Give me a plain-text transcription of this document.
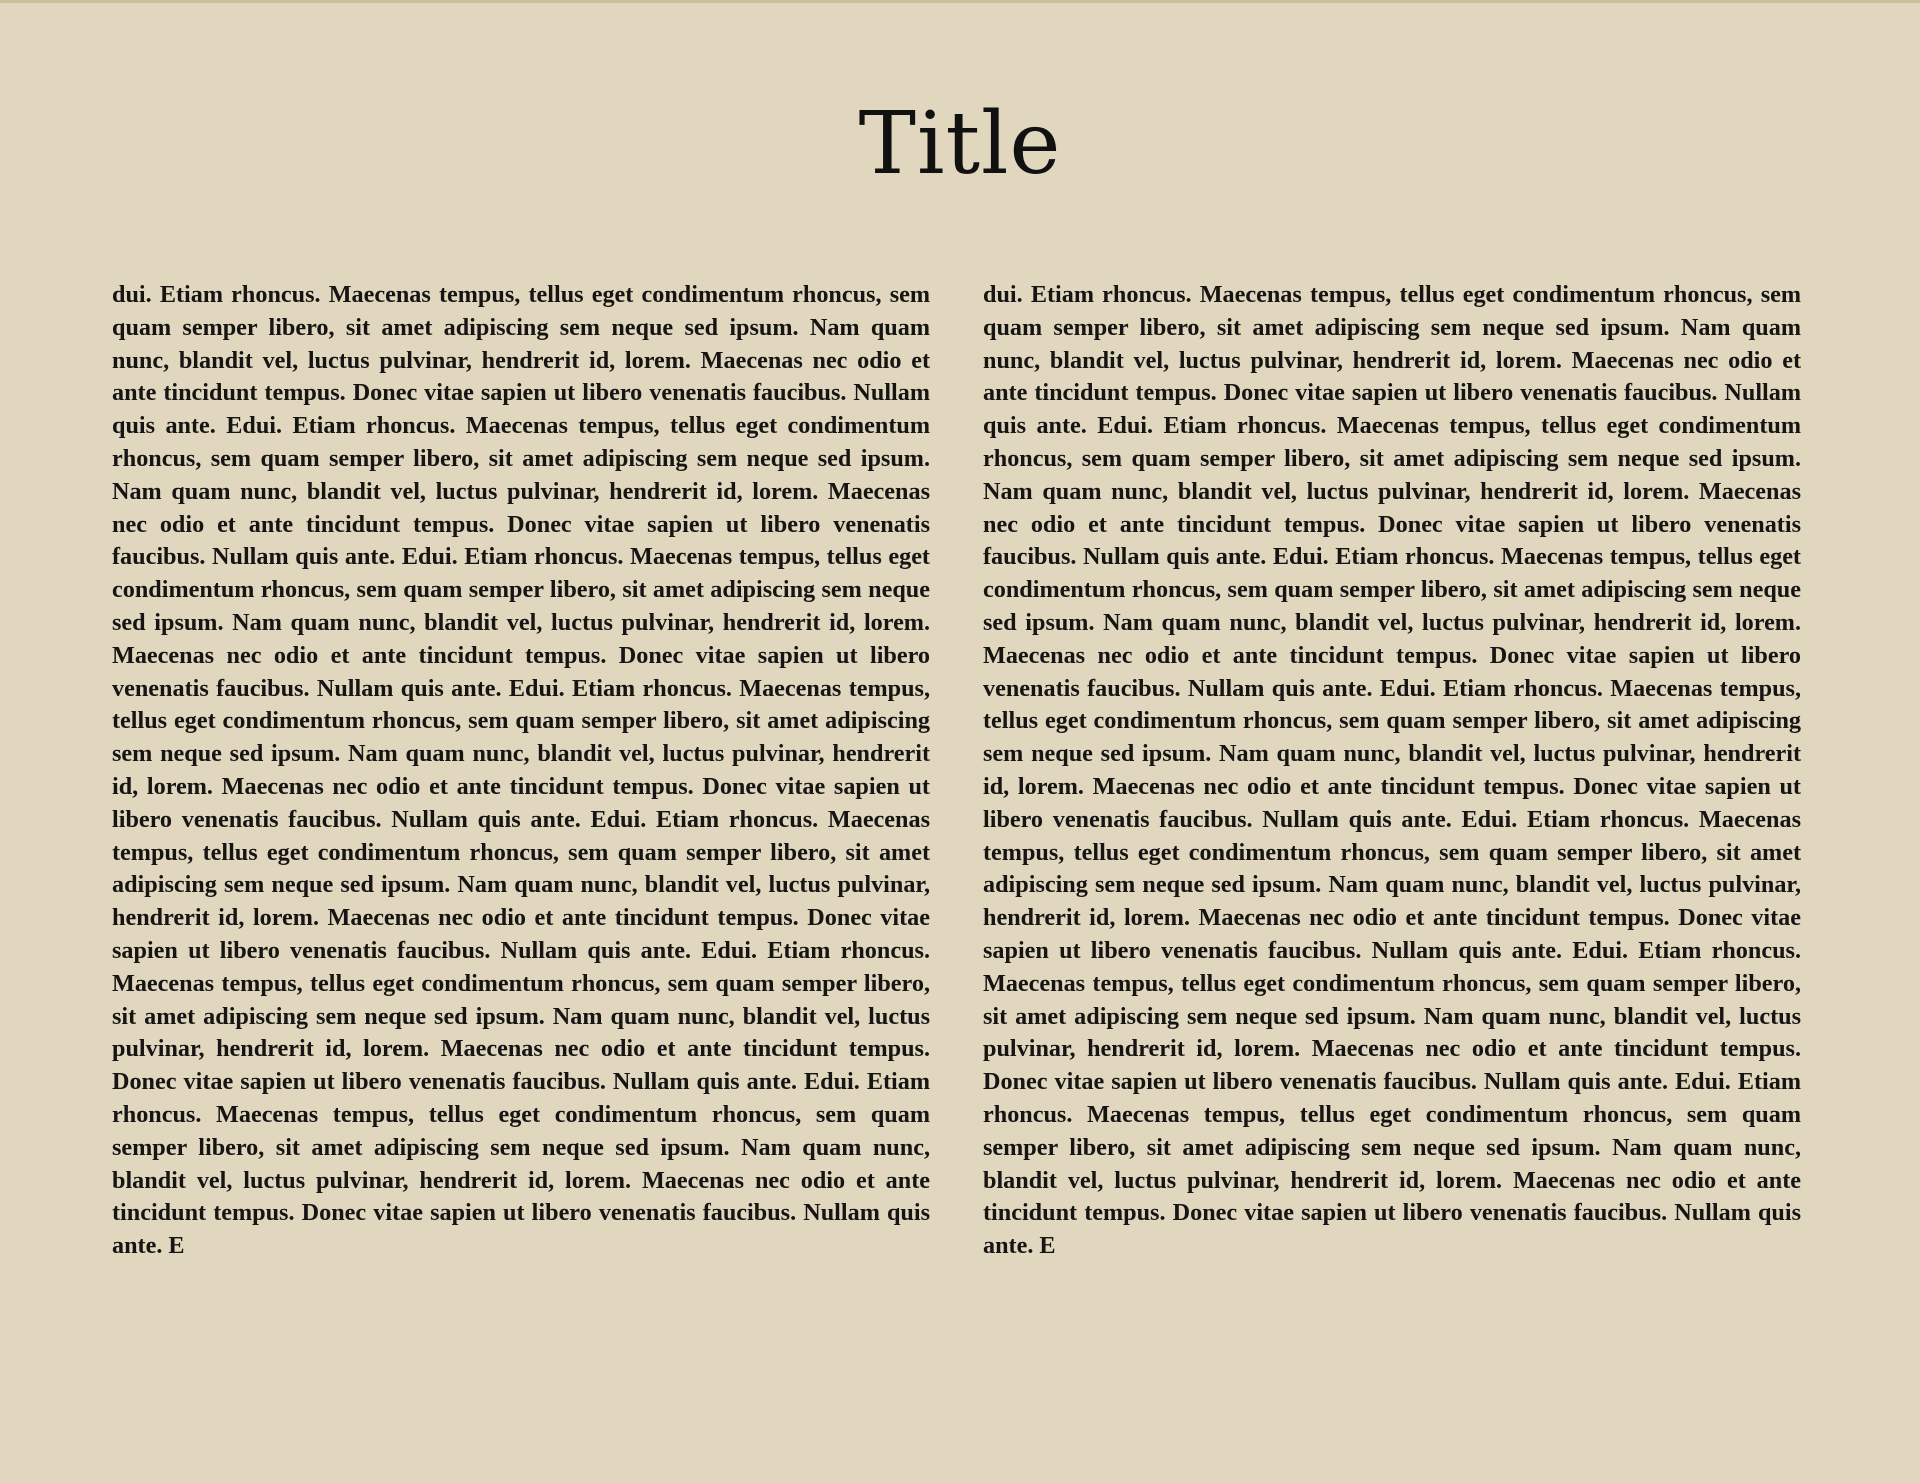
Title

dui. Etiam rhoncus. Maecenas tempus, tellus eget condimentum rhoncus, sem quam semper libero, sit amet adipiscing sem neque sed ipsum. Nam quam nunc, blandit vel, luctus pulvinar, hendrerit id, lorem. Maecenas nec odio et ante tincidunt tempus. Donec vitae sapien ut libero venenatis faucibus. Nullam quis ante. Edui. Etiam rhoncus. Maecenas tempus, tellus eget condimentum rhoncus, sem quam semper libero, sit amet adipiscing sem neque sed ipsum. Nam quam nunc, blandit vel, luctus pulvinar, hendrerit id, lorem. Maecenas nec odio et ante tincidunt tempus. Donec vitae sapien ut libero venenatis faucibus. Nullam quis ante. Edui. Etiam rhoncus. Maecenas tempus, tellus eget condimentum rhoncus, sem quam semper libero, sit amet adipiscing sem neque sed ipsum. Nam quam nunc, blandit vel, luctus pulvinar, hendrerit id, lorem. Maecenas nec odio et ante tincidunt tempus. Donec vitae sapien ut libero venenatis faucibus. Nullam quis ante. Edui. Etiam rhoncus. Maecenas tempus, tellus eget condimentum rhoncus, sem quam semper libero, sit amet adipiscing sem neque sed ipsum. Nam quam nunc, blandit vel, luctus pulvinar, hendrerit id, lorem. Maecenas nec odio et ante tincidunt tempus. Donec vitae sapien ut libero venenatis faucibus. Nullam quis ante. Edui. Etiam rhoncus. Maecenas tempus, tellus eget condimentum rhoncus, sem quam semper libero, sit amet adipiscing sem neque sed ipsum. Nam quam nunc, blandit vel, luctus pulvinar, hendrerit id, lorem. Maecenas nec odio et ante tincidunt tempus. Donec vitae sapien ut libero venenatis faucibus. Nullam quis ante. Edui. Etiam rhoncus. Maecenas tempus, tellus eget condimentum rhoncus, sem quam semper libero, sit amet adipiscing sem neque sed ipsum. Nam quam nunc, blandit vel, luctus pulvinar, hendrerit id, lorem. Maecenas nec odio et ante tincidunt tempus. Donec vitae sapien ut libero venenatis faucibus. Nullam quis ante. Edui. Etiam rhoncus. Maecenas tempus, tellus eget condimentum rhoncus, sem quam semper libero, sit amet adipiscing sem neque sed ipsum. Nam quam nunc, blandit vel, luctus pulvinar, hendrerit id, lorem. Maecenas nec odio et ante tincidunt tempus. Donec vitae sapien ut libero venenatis faucibus. Nullam quis ante. E

dui. Etiam rhoncus. Maecenas tempus, tellus eget condimentum rhoncus, sem quam semper libero, sit amet adipiscing sem neque sed ipsum. Nam quam nunc, blandit vel, luctus pulvinar, hendrerit id, lorem. Maecenas nec odio et ante tincidunt tempus. Donec vitae sapien ut libero venenatis faucibus. Nullam quis ante. Edui. Etiam rhoncus. Maecenas tempus, tellus eget condimentum rhoncus, sem quam semper libero, sit amet adipiscing sem neque sed ipsum. Nam quam nunc, blandit vel, luctus pulvinar, hendrerit id, lorem. Maecenas nec odio et ante tincidunt tempus. Donec vitae sapien ut libero venenatis faucibus. Nullam quis ante. Edui. Etiam rhoncus. Maecenas tempus, tellus eget condimentum rhoncus, sem quam semper libero, sit amet adipiscing sem neque sed ipsum. Nam quam nunc, blandit vel, luctus pulvinar, hendrerit id, lorem. Maecenas nec odio et ante tincidunt tempus. Donec vitae sapien ut libero venenatis faucibus. Nullam quis ante. Edui. Etiam rhoncus. Maecenas tempus, tellus eget condimentum rhoncus, sem quam semper libero, sit amet adipiscing sem neque sed ipsum. Nam quam nunc, blandit vel, luctus pulvinar, hendrerit id, lorem. Maecenas nec odio et ante tincidunt tempus. Donec vitae sapien ut libero venenatis faucibus. Nullam quis ante. Edui. Etiam rhoncus. Maecenas tempus, tellus eget condimentum rhoncus, sem quam semper libero, sit amet adipiscing sem neque sed ipsum. Nam quam nunc, blandit vel, luctus pulvinar, hendrerit id, lorem. Maecenas nec odio et ante tincidunt tempus. Donec vitae sapien ut libero venenatis faucibus. Nullam quis ante. Edui. Etiam rhoncus. Maecenas tempus, tellus eget condimentum rhoncus, sem quam semper libero, sit amet adipiscing sem neque sed ipsum. Nam quam nunc, blandit vel, luctus pulvinar, hendrerit id, lorem. Maecenas nec odio et ante tincidunt tempus. Donec vitae sapien ut libero venenatis faucibus. Nullam quis ante. Edui. Etiam rhoncus. Maecenas tempus, tellus eget condimentum rhoncus, sem quam semper libero, sit amet adipiscing sem neque sed ipsum. Nam quam nunc, blandit vel, luctus pulvinar, hendrerit id, lorem. Maecenas nec odio et ante tincidunt tempus. Donec vitae sapien ut libero venenatis faucibus. Nullam quis ante. E
